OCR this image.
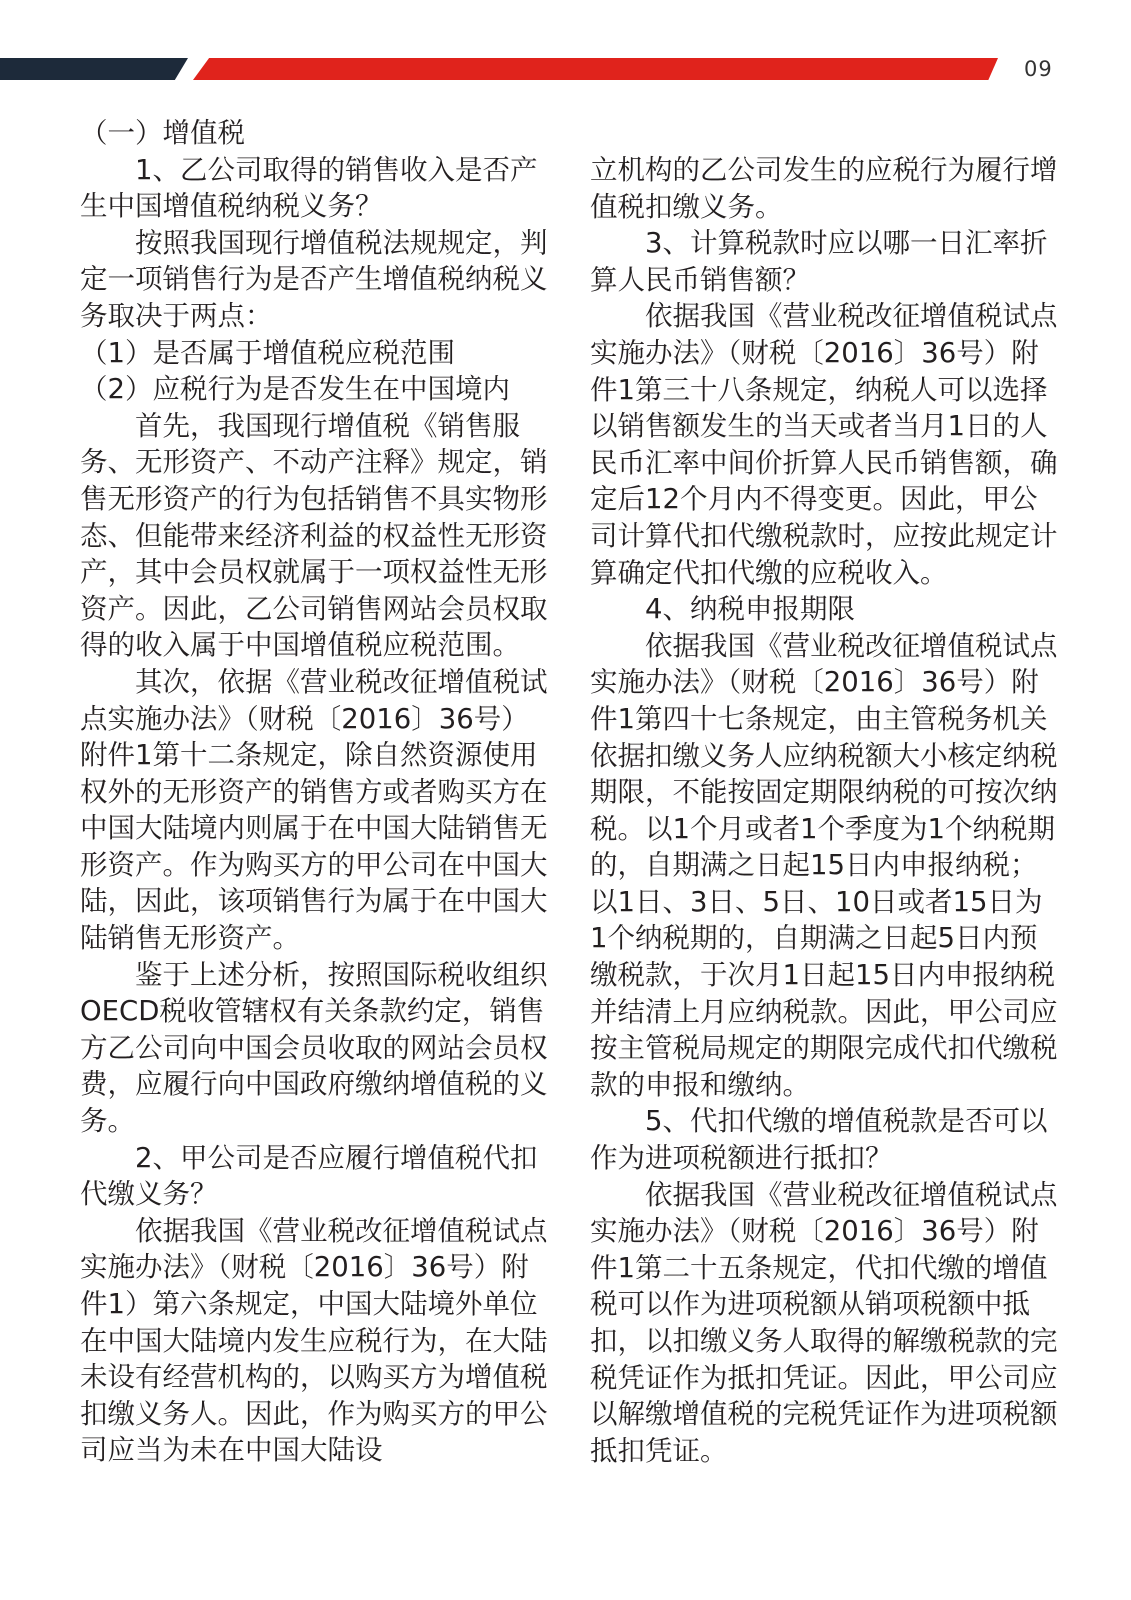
09

（一）增值税

1、乙公司取得的销售收入是否产生中国增值税纳税义务？

按照我国现行增值税法规规定，判定一项销售行为是否产生增值税纳税义务取决于两点：

（1）是否属于增值税应税范围

（2）应税行为是否发生在中国境内

首先，我国现行增值税《销售服务、无形资产、不动产注释》规定，销售无形资产的行为包括销售不具实物形态、但能带来经济利益的权益性无形资产，其中会员权就属于一项权益性无形资产。因此，乙公司销售网站会员权取得的收入属于中国增值税应税范围。

其次，依据《营业税改征增值税试点实施办法》（财税〔2016〕36号）附件1第十二条规定，除自然资源使用权外的无形资产的销售方或者购买方在中国大陆境内则属于在中国大陆销售无形资产。作为购买方的甲公司在中国大陆，因此，该项销售行为属于在中国大陆销售无形资产。

鉴于上述分析，按照国际税收组织OECD税收管辖权有关条款约定，销售方乙公司向中国会员收取的网站会员权费，应履行向中国政府缴纳增值税的义务。

2、甲公司是否应履行增值税代扣代缴义务？

依据我国《营业税改征增值税试点实施办法》（财税〔2016〕36号）附件1）第六条规定，中国大陆境外单位在中国大陆境内发生应税行为，在大陆未设有经营机构的，以购买方为增值税扣缴义务人。因此，作为购买方的甲公司应当为未在中国大陆设

立机构的乙公司发生的应税行为履行增值税扣缴义务。

3、计算税款时应以哪一日汇率折算人民币销售额？

依据我国《营业税改征增值税试点实施办法》（财税〔2016〕36号）附件1第三十八条规定，纳税人可以选择以销售额发生的当天或者当月1日的人民币汇率中间价折算人民币销售额，确定后12个月内不得变更。因此，甲公司计算代扣代缴税款时，应按此规定计算确定代扣代缴的应税收入。

4、纳税申报期限

依据我国《营业税改征增值税试点实施办法》（财税〔2016〕36号）附件1第四十七条规定，由主管税务机关依据扣缴义务人应纳税额大小核定纳税期限，不能按固定期限纳税的可按次纳税。以1个月或者1个季度为1个纳税期的，自期满之日起15日内申报纳税；以1日、3日、5日、10日或者15日为1个纳税期的，自期满之日起5日内预缴税款，于次月1日起15日内申报纳税并结清上月应纳税款。因此，甲公司应按主管税局规定的期限完成代扣代缴税款的申报和缴纳。

5、代扣代缴的增值税款是否可以作为进项税额进行抵扣？

依据我国《营业税改征增值税试点实施办法》（财税〔2016〕36号）附件1第二十五条规定，代扣代缴的增值税可以作为进项税额从销项税额中抵扣，以扣缴义务人取得的解缴税款的完税凭证作为抵扣凭证。因此，甲公司应以解缴增值税的完税凭证作为进项税额抵扣凭证。
